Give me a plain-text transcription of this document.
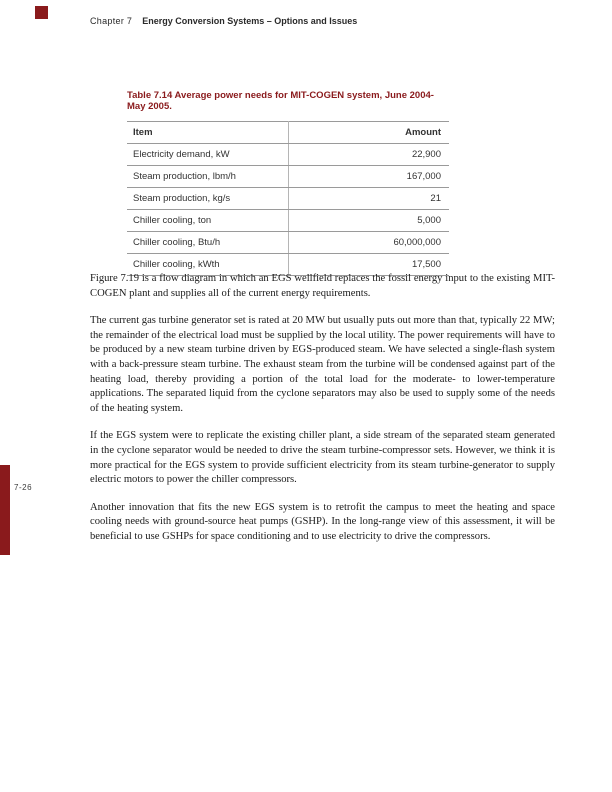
Chapter 7 Energy Conversion Systems – Options and Issues

Table 7.14 Average power needs for MIT-COGEN system, June 2004-May 2005.

Item	Amount
Electricity demand, kW	22,900
Steam production, lbm/h	167,000
Steam production, kg/s	21
Chiller cooling, ton	5,000
Chiller cooling, Btu/h	60,000,000
Chiller cooling, kWth	17,500

Figure 7.19 is a flow diagram in which an EGS wellfield replaces the fossil energy input to the existing MIT-COGEN plant and supplies all of the current energy requirements.

The current gas turbine generator set is rated at 20 MW but usually puts out more than that, typically 22 MW; the remainder of the electrical load must be supplied by the local utility. The power requirements will have to be produced by a new steam turbine driven by EGS-produced steam. We have selected a single-flash system with a back-pressure steam turbine. The exhaust steam from the turbine will be condensed against part of the heating load, thereby providing a portion of the total load for the moderate- to lower-temperature applications. The separated liquid from the cyclone separators may also be used to supply some of the needs of the heating system.

If the EGS system were to replicate the existing chiller plant, a side stream of the separated steam generated in the cyclone separator would be needed to drive the steam turbine-compressor sets. However, we think it is more practical for the EGS system to provide sufficient electricity from its steam turbine-generator to supply electric motors to power the chiller compressors.

Another innovation that fits the new EGS system is to retrofit the campus to meet the heating and space cooling needs with ground-source heat pumps (GSHP). In the long-range view of this assessment, it will be beneficial to use GSHPs for space conditioning and to use electricity to drive the compressors.

7-26
